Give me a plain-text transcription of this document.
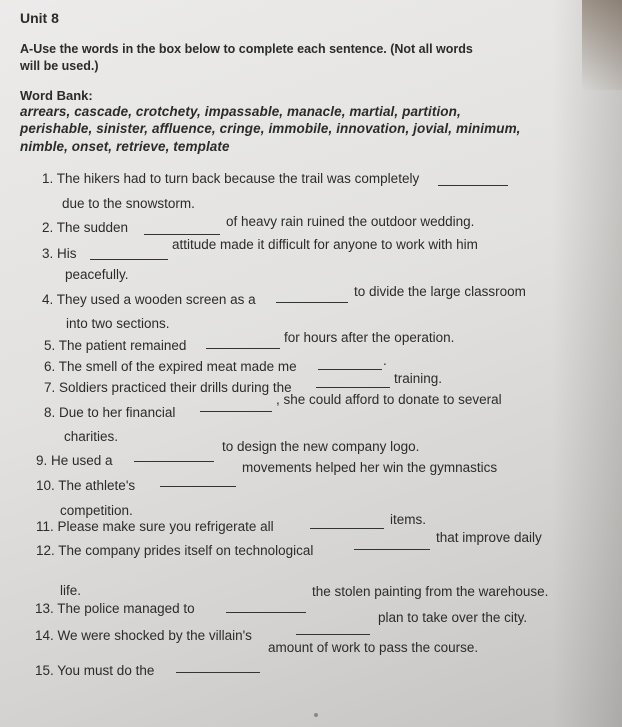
Unit 8
A-Use the words in the box below to complete each sentence. (Not all words
will be used.)
Word Bank:
arrears, cascade, crotchety, impassable, manacle, martial, partition,
perishable, sinister, affluence, cringe, immobile, innovation, jovial, minimum,
nimble, onset, retrieve, template
1. The hikers had to turn back because the trail was completely
due to the snowstorm.
2. The sudden	of heavy rain ruined the outdoor wedding.
3. His
attitude made it difficult for anyone to work with him
peacefully.
4. They used a wooden screen as a
to divide the large classroom
into two sections.
5. The patient remained
for hours after the operation.
6. The smell of the expired meat made me	.
7. Soldiers practiced their drills during the
training.
8. Due to her financial
, she could afford to donate to several
charities.
9. He used a
to design the new company logo.
10. The athlete's
movements helped her win the gymnastics
competition.
11. Please make sure you refrigerate all	items.
12. The company prides itself on technological
that improve daily
life.
13. The police managed to
the stolen painting from the warehouse.
14. We were shocked by the villain's
plan to take over the city.
15. You must do the
amount of work to pass the course.
